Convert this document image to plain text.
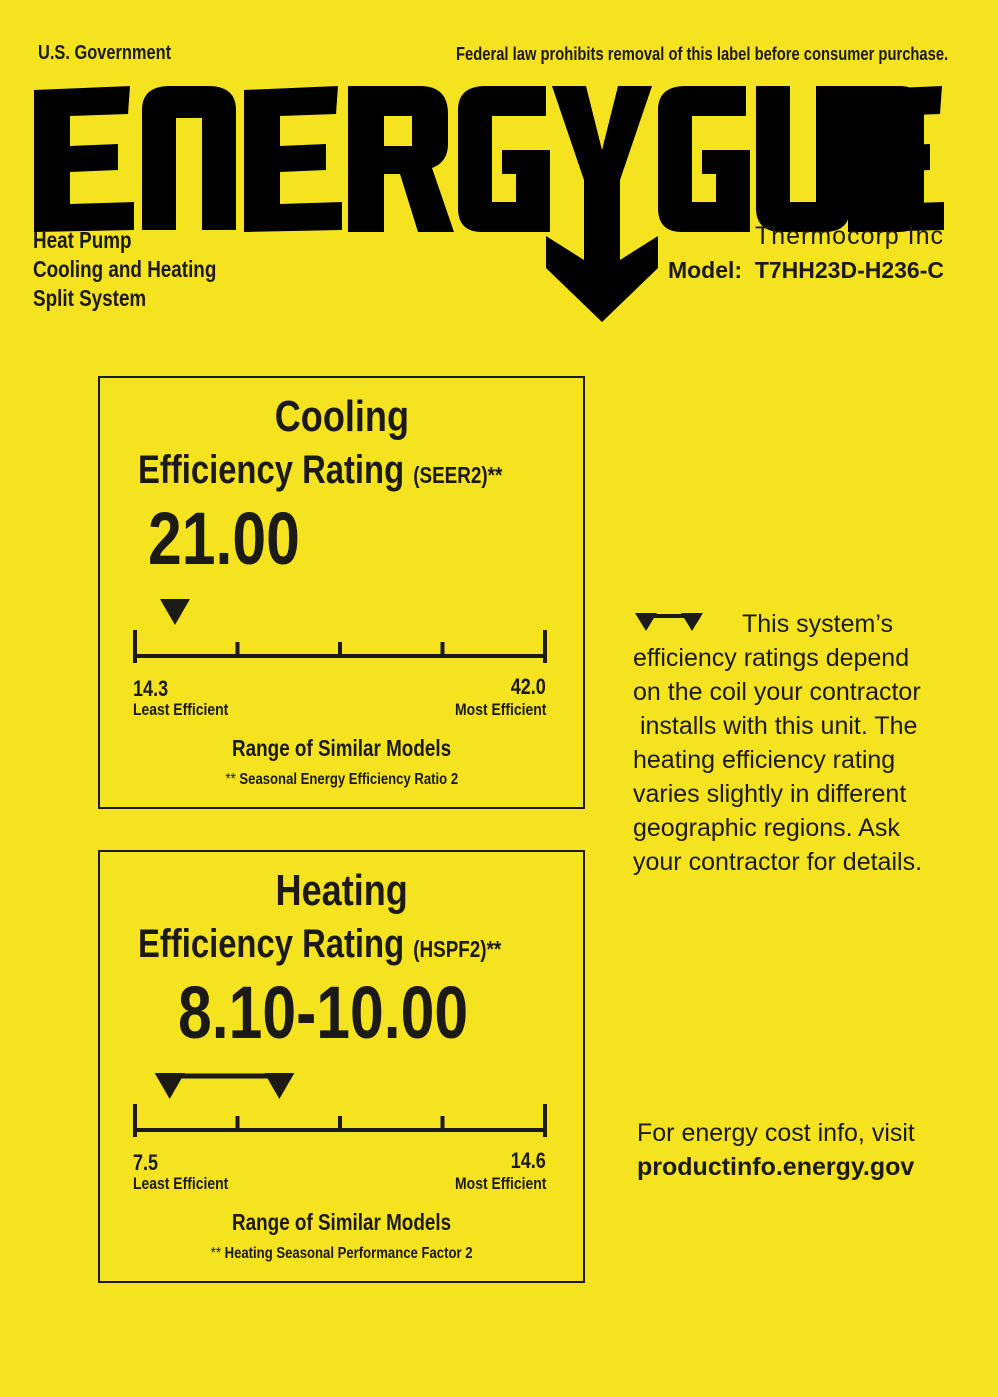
U.S. Government	Federal law prohibits removal of this label before consumer purchase.
Heat Pump
Cooling and Heating
Split System
Thermocorp Inc
Model: T7HH23D-H236-C
Cooling
Efficiency Rating (SEER2)**
21.00
14.3	42.0
Least Efficient	Most Efficient
Range of Similar Models
** Seasonal Energy Efficiency Ratio 2
Heating
Efficiency Rating (HSPF2)**
8.10-10.00
7.5	14.6
Least Efficient	Most Efficient
Range of Similar Models
** Heating Seasonal Performance Factor 2
This system’s
efficiency ratings depend
on the coil your contractor
installs with this unit. The
heating efficiency rating
varies slightly in different
geographic regions. Ask
your contractor for details.
For energy cost info, visit
productinfo.energy.gov
